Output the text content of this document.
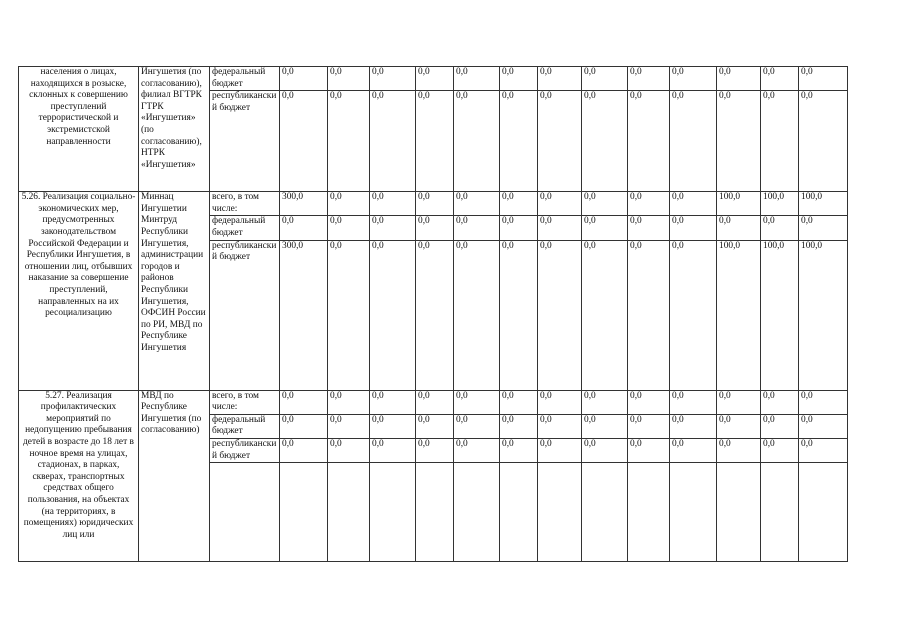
населения о лицах, находящихся в розыске, склонных к совершению преступлений террористической и экстремистской направленности	Ингушетия (по согласованию), филиал ВГТРК ГТРК «Ингушетия» (по согласованию), НТРК «Ингушетия»	федеральный бюджет	0,0	0,0	0,0	0,0	0,0	0,0	0,0	0,0	0,0	0,0	0,0	0,0	0,0
		республиканский бюджет	0,0	0,0	0,0	0,0	0,0	0,0	0,0	0,0	0,0	0,0	0,0	0,0	0,0
5.26. Реализация социально-экономических мер, предусмотренных законодательством Российской Федерации и Республики Ингушетия, в отношении лиц, отбывших наказание за совершение преступлений, направленных на их ресоциализацию	Миннац Ингушетии Минтруд Республики Ингушетия, администрации городов и районов Республики Ингушетия, ОФСИН России по РИ, МВД по Республике Ингушетия	всего, в том числе:	300,0	0,0	0,0	0,0	0,0	0,0	0,0	0,0	0,0	0,0	100,0	100,0	100,0
		федеральный бюджет	0,0	0,0	0,0	0,0	0,0	0,0	0,0	0,0	0,0	0,0	0,0	0,0	0,0
		республиканский бюджет	300,0	0,0	0,0	0,0	0,0	0,0	0,0	0,0	0,0	0,0	100,0	100,0	100,0
5.27. Реализация профилактических мероприятий по недопущению пребывания детей в возрасте до 18 лет в ночное время на улицах, стадионах, в парках, скверах, транспортных средствах общего пользования, на объектах (на территориях, в помещениях) юридических лиц или	МВД по Республике Ингушетия (по согласованию)	всего, в том числе:	0,0	0,0	0,0	0,0	0,0	0,0	0,0	0,0	0,0	0,0	0,0	0,0	0,0
		федеральный бюджет	0,0	0,0	0,0	0,0	0,0	0,0	0,0	0,0	0,0	0,0	0,0	0,0	0,0
		республиканский бюджет	0,0	0,0	0,0	0,0	0,0	0,0	0,0	0,0	0,0	0,0	0,0	0,0	0,0
